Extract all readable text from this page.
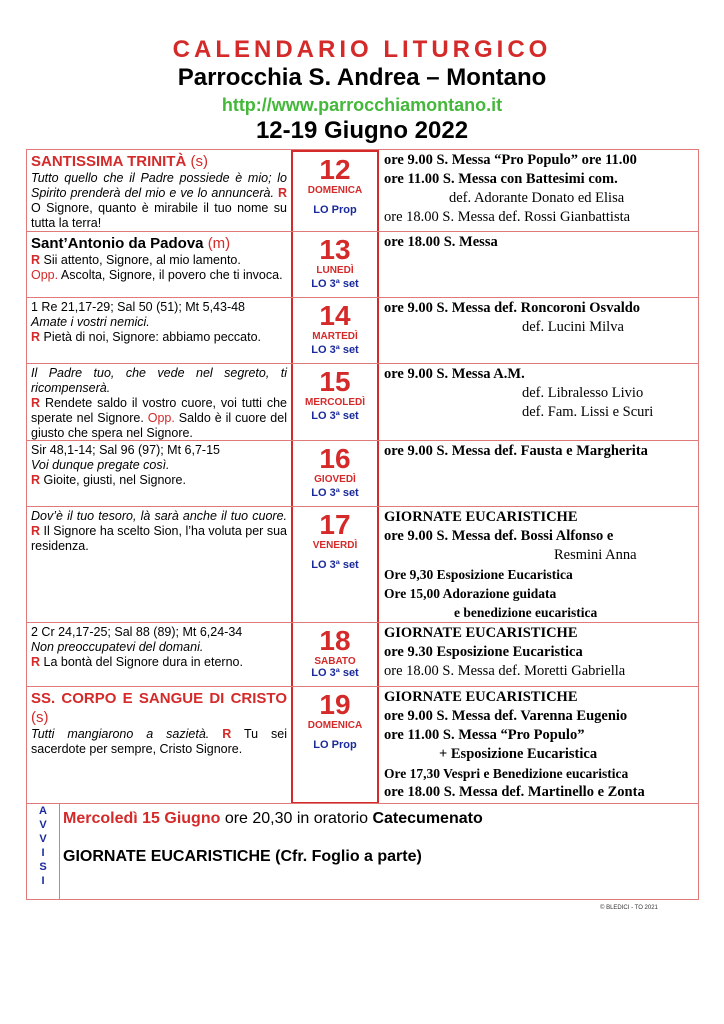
CALENDARIO LITURGICO
Parrocchia S. Andrea – Montano
http://www.parrocchiamontano.it
12-19 Giugno 2022
SANTISSIMA TRINITÀ (s)
Tutto quello che il Padre possiede è mio; lo Spirito prenderà del mio e ve lo annuncerà. R O Signore, quanto è mirabile il tuo nome su tutta la terra!
12
DOMENICA
LO Prop
ore 9.00 S. Messa “Pro Populo” ore 11.00
ore 11.00 S. Messa con Battesimi com.
def. Adorante Donato ed Elisa
ore 18.00 S. Messa def. Rossi Gianbattista
Sant’Antonio da Padova (m)
R Sii attento, Signore, al mio lamento.
Opp. Ascolta, Signore, il povero che ti invoca.
13
LUNEDÌ
LO 3ª set
ore 18.00 S. Messa
1 Re 21,17-29; Sal 50 (51); Mt 5,43-48
Amate i vostri nemici.
R Pietà di noi, Signore: abbiamo peccato.
14
MARTEDÌ
LO 3ª set
ore 9.00 S. Messa def. Roncoroni Osvaldo
def. Lucini Milva
Il Padre tuo, che vede nel segreto, ti ricompenserà.
R Rendete saldo il vostro cuore, voi tutti che sperate nel Signore. Opp. Saldo è il cuore del giusto che spera nel Signore.
15
MERCOLEDÌ
LO 3ª set
ore 9.00 S. Messa A.M.
def. Libralesso Livio
def. Fam. Lissi e Scuri
Sir 48,1-14; Sal 96 (97); Mt 6,7-15
Voi dunque pregate così.
R Gioite, giusti, nel Signore.
16
GIOVEDÌ
LO 3ª set
ore 9.00 S. Messa def. Fausta e Margherita
Dov’è il tuo tesoro, là sarà anche il tuo cuore. R Il Signore ha scelto Sion, l’ha voluta per sua residenza.
17
VENERDÌ
LO 3ª set
GIORNATE EUCARISTICHE
ore 9.00 S. Messa def. Bossi Alfonso e
Resmini Anna
Ore 9,30 Esposizione Eucaristica
Ore 15,00 Adorazione guidata
e benedizione eucaristica
2 Cr 24,17-25; Sal 88 (89); Mt 6,24-34
Non preoccupatevi del domani.
R La bontà del Signore dura in eterno.
18
SABATO
LO 3ª set
GIORNATE EUCARISTICHE
ore 9.30 Esposizione Eucaristica
ore 18.00 S. Messa def. Moretti Gabriella
SS. CORPO E SANGUE DI CRISTO (s)
Tutti mangiarono a sazietà. R Tu sei sacerdote per sempre, Cristo Signore.
19
DOMENICA
LO Prop
GIORNATE EUCARISTICHE
ore 9.00 S. Messa def. Varenna Eugenio
ore 11.00 S. Messa “Pro Populo”
+ Esposizione Eucaristica
Ore 17,30 Vespri e Benedizione eucaristica
ore 18.00 S. Messa def. Martinello e Zonta
A
V
V
I
S
I
Mercoledì 15 Giugno ore 20,30 in oratorio Catecumenato
GIORNATE EUCARISTICHE (Cfr. Foglio a parte)
© BLEDICI - TO 2021
